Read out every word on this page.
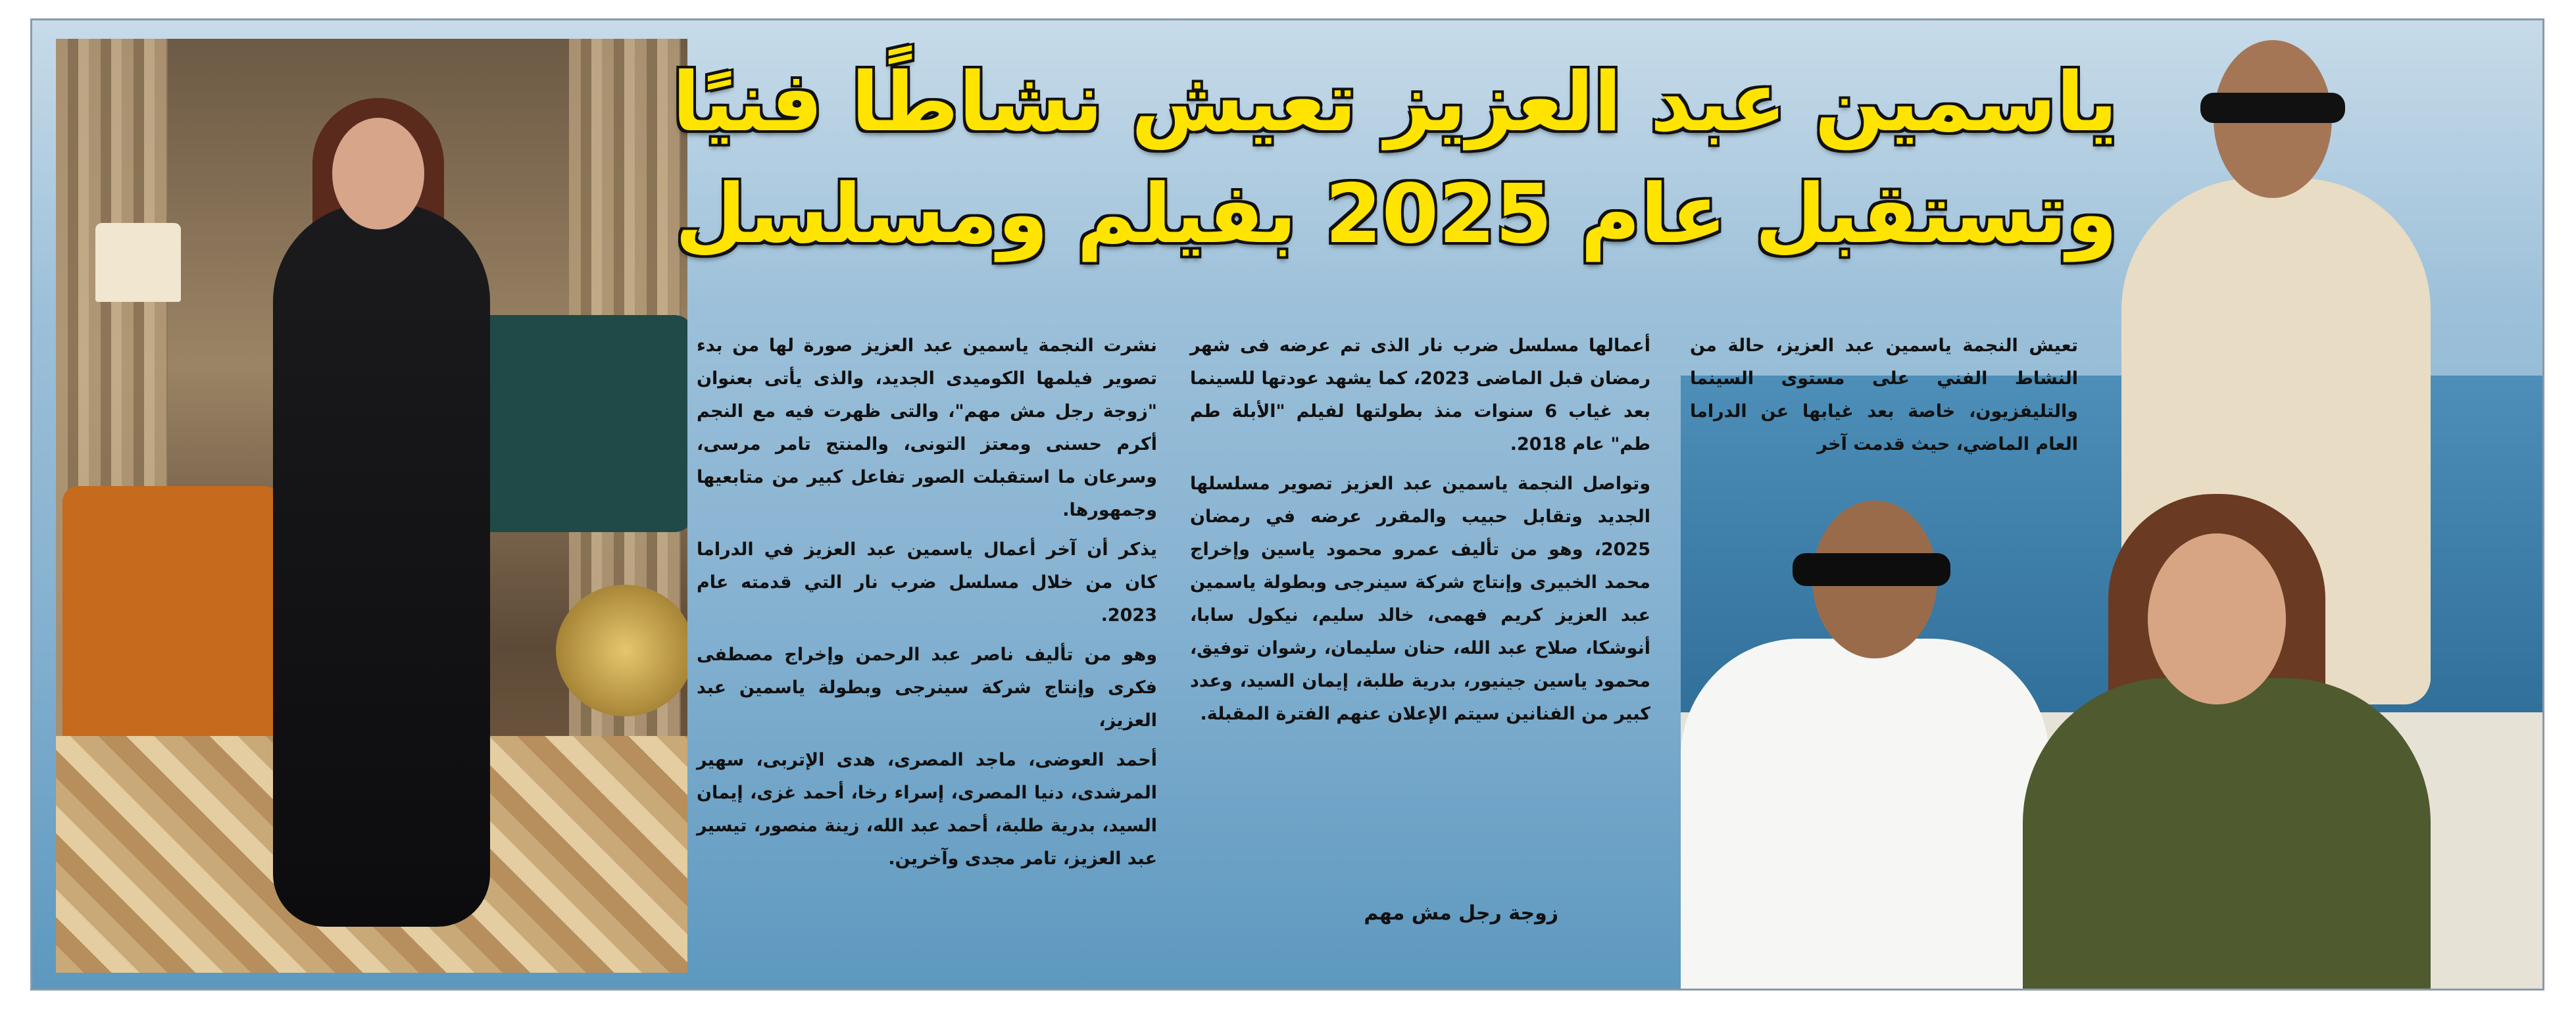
ياسمين عبد العزيز تعيش نشاطًا فنيًا
وتستقبل عام 2025 بفيلم ومسلسل

تعيش النجمة ياسمين عبد العزيز، حالة من النشاط الفني على مستوى السينما والتليفزيون، خاصة بعد غيابها عن الدراما العام الماضي، حيث قدمت آخر

أعمالها مسلسل ضرب نار الذى تم عرضه فى شهر رمضان قبل الماضى 2023، كما يشهد عودتها للسينما بعد غياب 6 سنوات منذ بطولتها لفيلم "الأبلة طم طم" عام 2018.

وتواصل النجمة ياسمين عبد العزيز تصوير مسلسلها الجديد وتقابل حبيب والمقرر عرضه في رمضان 2025، وهو من تأليف عمرو محمود ياسين وإخراج محمد الخبيرى وإنتاج شركة سينرجى وبطولة ياسمين عبد العزيز كريم فهمى، خالد سليم، نيكول سابا، أنوشكا، صلاح عبد الله، حنان سليمان، رشوان توفيق، محمود ياسين جينيور، بدرية طلبة، إيمان السيد، وعدد كبير من الفنانين سيتم الإعلان عنهم الفترة المقبلة.

نشرت النجمة ياسمين عبد العزيز صورة لها من بدء تصوير فيلمها الكوميدى الجديد، والذى يأتى بعنوان "زوجة رجل مش مهم"، والتى ظهرت فيه مع النجم أكرم حسنى ومعتز التونى، والمنتج تامر مرسى، وسرعان ما استقبلت الصور تفاعل كبير من متابعيها وجمهورها.

يذكر أن آخر أعمال ياسمين عبد العزيز في الدراما كان من خلال مسلسل ضرب نار التي قدمته عام 2023.

وهو من تأليف ناصر عبد الرحمن وإخراج مصطفى فكرى وإنتاج شركة سينرجى وبطولة ياسمين عبد العزيز،

أحمد العوضى، ماجد المصرى، هدى الإتربى، سهير المرشدى، دنيا المصرى، إسراء رخا، أحمد غزى، إيمان السيد، بدرية طلبة، أحمد عبد الله، زينة منصور، تيسير عبد العزيز، تامر مجدى وآخرين.

زوجة رجل مش مهم
